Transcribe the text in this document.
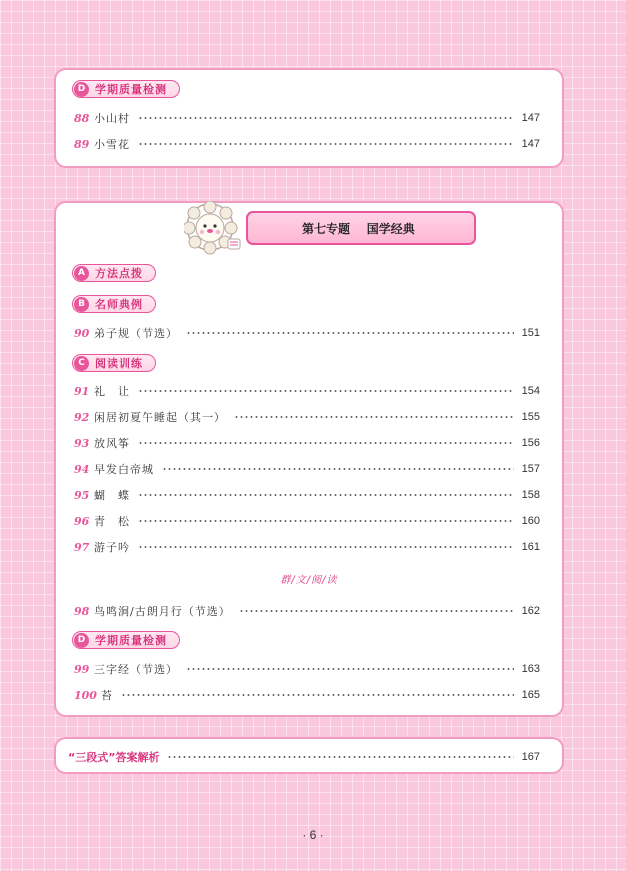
D 学期质量检测
88 小山村	147
89 小雪花	147
第七专题    国学经典
A 方法点拨
B 名师典例
90 弟子规（节选）	151
C 阅读训练
91 礼　让	154
92 闲居初夏午睡起（其一）	155
93 放风筝	156
94 早发白帝城	157
95 蝴　蝶	158
96 青　松	160
97 游子吟	161
群/文/阅/读
98 鸟鸣涧/古朗月行（节选）	162
D 学期质量检测
99 三字经（节选）	163
100 苔	165
“三段式”答案解析	167
· 6 ·
